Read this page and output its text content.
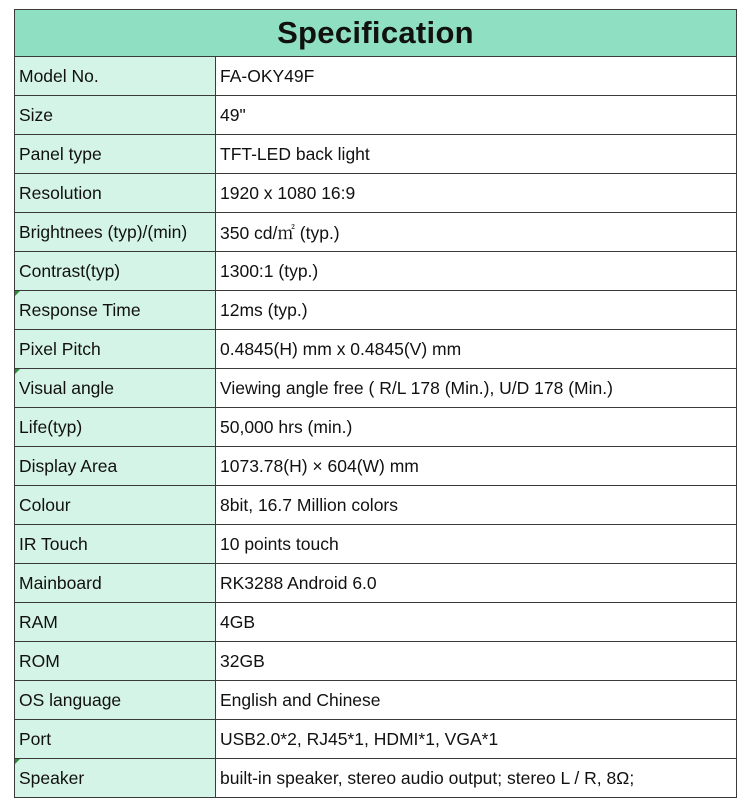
Specification	
Model No.	FA-OKY49F
Size	49"
Panel type	TFT-LED back light
Resolution	1920 x 1080 16:9
Brightnees (typ)/(min)	350 cd/㎡ (typ.)
Contrast(typ)	1300:1 (typ.)
Response Time	12ms (typ.)
Pixel Pitch	0.4845(H) mm x 0.4845(V) mm
Visual angle	Viewing angle free ( R/L 178 (Min.), U/D 178 (Min.)
Life(typ)	50,000 hrs (min.)
Display Area	1073.78(H) × 604(W) mm
Colour	8bit, 16.7 Million colors
IR Touch	10 points touch
Mainboard	RK3288 Android 6.0
RAM	4GB
ROM	32GB
OS language	English and Chinese
Port	USB2.0*2, RJ45*1, HDMI*1, VGA*1
Speaker	built-in speaker, stereo audio output; stereo L / R, 8Ω;
